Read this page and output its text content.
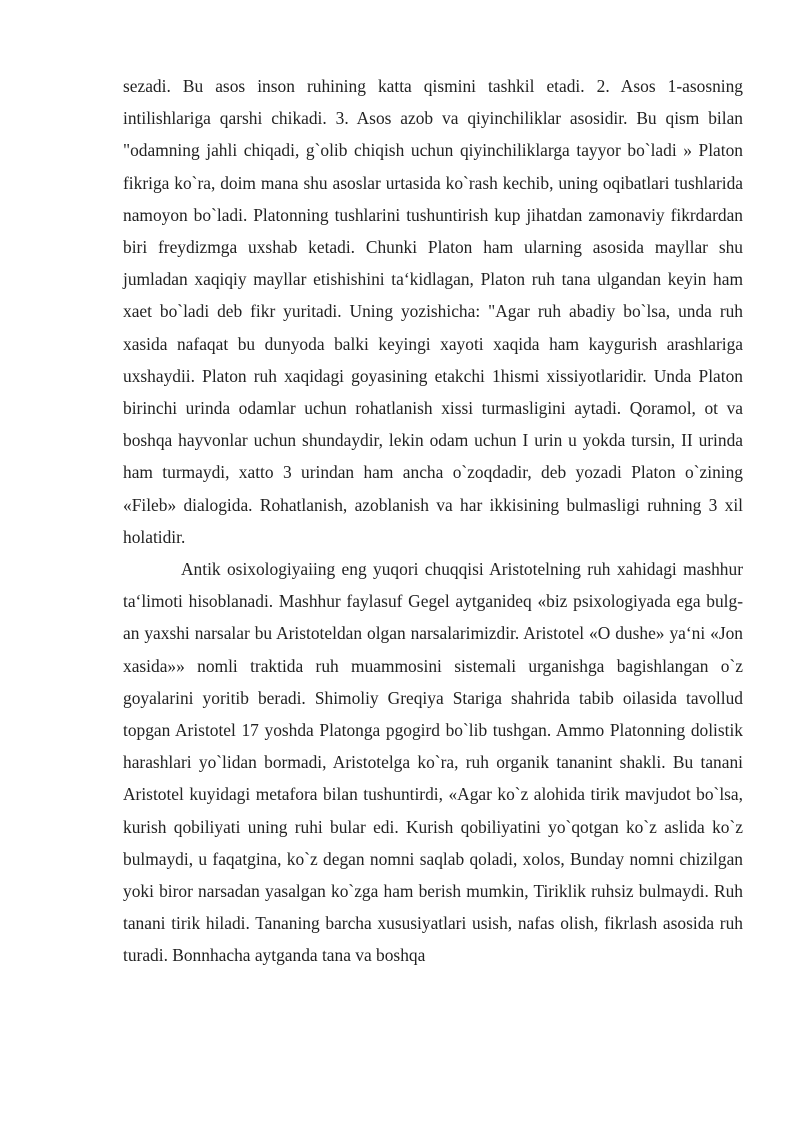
sezadi. Bu asos inson ruhining katta qismini tashkil etadi. 2. Asos 1-asosning intilishlariga qarshi chikadi. 3. Asos azob va qiyinchiliklar asosidir. Bu qism bilan "odamning jahli chiqadi, g`olib chiqish uchun qiyinchiliklarga tayyor bo`ladi » Platon fikriga ko`ra, doim mana shu asoslar urtasida ko`rash kechib, uning oqibatlari tushlarida namoyon bo`ladi. Platonning tushlarini tushuntirish kup jihatdan zamonaviy fikrdardan biri freydizmga uxshab ketadi. Chunki Platon ham ularning asosida mayllar shu jumladan xaqiqiy mayllar etishishini ta‘kidlagan, Platon ruh tana ulgandan keyin ham xaet bo`ladi deb fikr yuritadi. Uning yozishicha: "Agar ruh abadiy bo`lsa, unda ruh xasida nafaqat bu dunyoda balki keyingi xayoti xaqida ham kaygurish arashlariga uxshaydii. Platon ruh xaqidagi goyasining etakchi 1hismi xissiyotlaridir. Unda Platon birinchi urinda odamlar uchun rohatlanish xissi turmasligini aytadi. Qoramol, ot va boshqa hayvonlar uchun shundaydir, lekin odam uchun I urin u yokda tursin, II urinda ham turmaydi, xatto 3 urindan ham ancha o`zoqdadir, deb yozadi Platon o`zining «Fileb» dialogida. Rohatlanish, azoblanish va har ikkisining bulmasligi ruhning 3 xil holatidir.

Antik osixologiyaiing eng yuqori chuqqisi Aristotelning ruh xahidagi mashhur ta‘limoti hisoblanadi. Mashhur faylasuf Gegel aytganideq «biz psixologiyada ega bulg-an yaxshi narsalar bu Aristoteldan olgan narsalarimizdir. Aristotel «O dushe» ya‘ni «Jon xasida»» nomli traktida ruh muammosini sistemali urganishga bagishlangan o`z goyalarini yoritib beradi. Shimoliy Greqiya Stariga shahrida tabib oilasida tavollud topgan Aristotel 17 yoshda Platonga pgogird bo`lib tushgan. Ammo Platonning dolistik harashlari yo`lidan bormadi, Aristotelga ko`ra, ruh organik tananint shakli. Bu tanani Aristotel kuyidagi metafora bilan tushuntirdi, «Agar ko`z alohida tirik mavjudot bo`lsa, kurish qobiliyati uning ruhi bular edi. Kurish qobiliyatini yo`qotgan ko`z aslida ko`z bulmaydi, u faqatgina, ko`z degan nomni saqlab qoladi, xolos, Bunday nomni chizilgan yoki biror narsadan yasalgan ko`zga ham berish mumkin, Tiriklik ruhsiz bulmaydi. Ruh tanani tirik hiladi. Tananing barcha xususiyatlari usish, nafas olish, fikrlash asosida ruh turadi. Bonnhacha aytganda tana va boshqa
